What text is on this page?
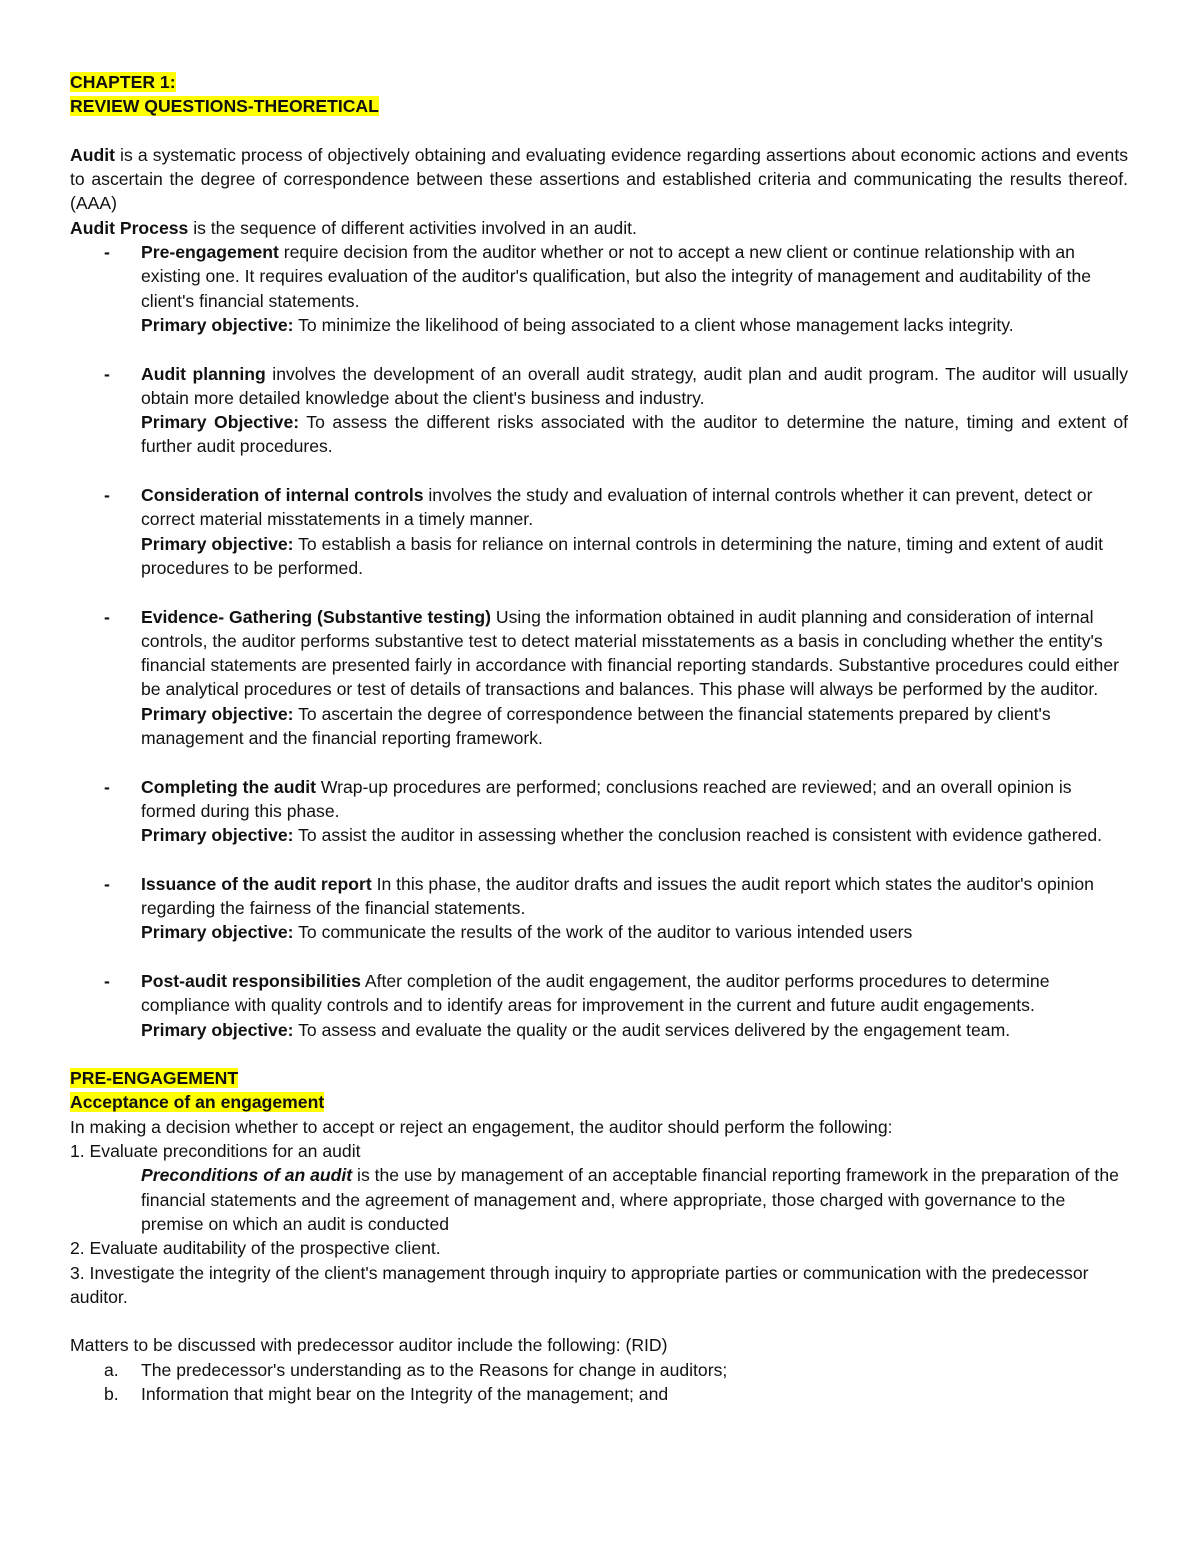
CHAPTER 1:
REVIEW QUESTIONS-THEORETICAL
Audit is a systematic process of objectively obtaining and evaluating evidence regarding assertions about economic actions and events to ascertain the degree of correspondence between these assertions and established criteria and communicating the results thereof. (AAA)
Audit Process is the sequence of different activities involved in an audit.
- Pre-engagement require decision from the auditor whether or not to accept a new client or continue relationship with an existing one. It requires evaluation of the auditor's qualification, but also the integrity of management and auditability of the client's financial statements.
Primary objective: To minimize the likelihood of being associated to a client whose management lacks integrity.
- Audit planning involves the development of an overall audit strategy, audit plan and audit program. The auditor will usually obtain more detailed knowledge about the client's business and industry.
Primary Objective: To assess the different risks associated with the auditor to determine the nature, timing and extent of further audit procedures.
- Consideration of internal controls involves the study and evaluation of internal controls whether it can prevent, detect or correct material misstatements in a timely manner.
Primary objective: To establish a basis for reliance on internal controls in determining the nature, timing and extent of audit procedures to be performed.
- Evidence- Gathering (Substantive testing) Using the information obtained in audit planning and consideration of internal controls, the auditor performs substantive test to detect material misstatements as a basis in concluding whether the entity's financial statements are presented fairly in accordance with financial reporting standards. Substantive procedures could either be analytical procedures or test of details of transactions and balances. This phase will always be performed by the auditor.
Primary objective: To ascertain the degree of correspondence between the financial statements prepared by client's management and the financial reporting framework.
- Completing the audit Wrap-up procedures are performed; conclusions reached are reviewed; and an overall opinion is formed during this phase.
Primary objective: To assist the auditor in assessing whether the conclusion reached is consistent with evidence gathered.
- Issuance of the audit report In this phase, the auditor drafts and issues the audit report which states the auditor's opinion regarding the fairness of the financial statements.
Primary objective: To communicate the results of the work of the auditor to various intended users
- Post-audit responsibilities After completion of the audit engagement, the auditor performs procedures to determine compliance with quality controls and to identify areas for improvement in the current and future audit engagements.
Primary objective: To assess and evaluate the quality or the audit services delivered by the engagement team.
PRE-ENGAGEMENT
Acceptance of an engagement
In making a decision whether to accept or reject an engagement, the auditor should perform the following:
1. Evaluate preconditions for an audit
Preconditions of an audit is the use by management of an acceptable financial reporting framework in the preparation of the financial statements and the agreement of management and, where appropriate, those charged with governance to the premise on which an audit is conducted
2. Evaluate auditability of the prospective client.
3. Investigate the integrity of the client's management through inquiry to appropriate parties or communication with the predecessor auditor.
Matters to be discussed with predecessor auditor include the following: (RID)
a. The predecessor's understanding as to the Reasons for change in auditors;
b. Information that might bear on the Integrity of the management; and
